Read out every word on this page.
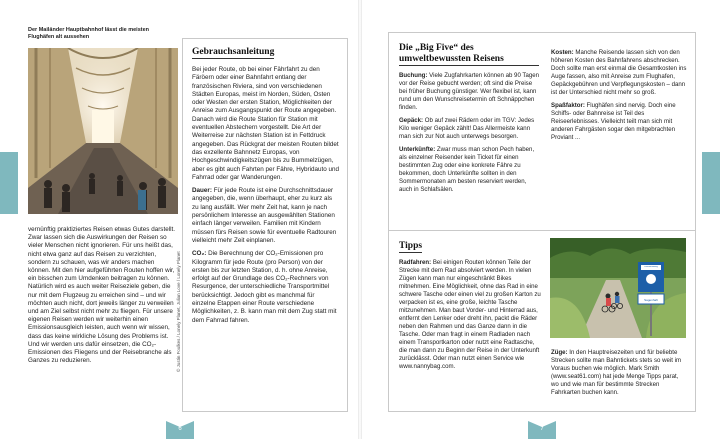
Der Mailänder Hauptbahnhof lässt die meisten Flughäfen alt aussehen
vernünftig praktiziertes Reisen etwas Gutes darstellt. Zwar lassen sich die Auswirkungen der Reisen so vieler Menschen nicht ignorieren. Für uns heißt das, nicht etwa ganz auf das Reisen zu verzichten, sondern zu schauen, was wir anders machen können. Mit den hier aufgeführten Routen hoffen wir, ein bisschen zum Umdenken beitragen zu können. Natürlich wird es auch weiter Reiseziele geben, die nur mit dem Flugzeug zu erreichen sind – und wir möchten auch nicht, dort jeweils länger zu verweilen und am Ziel selbst nicht mehr zu fliegen. Für unsere eigenen Reisen werden wir weiterhin einen Emissionsausgleich leisten, auch wenn wir wissen, dass das keine wirkliche Lösung des Problems ist. Und wir werden uns dafür einsetzen, die CO₂-Emissionen des Fliegens und der Reisebranche als Ganzes zu reduzieren.
Gebrauchsanleitung

Bei jeder Route, ob bei einer Fährfahrt zu den Färöern oder einer Bahnfahrt entlang der französischen Riviera, sind von verschiedenen Städten Europas, meist im Norden, Süden, Osten oder Westen der ersten Station, Möglichkeiten der Anreise zum Ausgangspunkt der Route angegeben. Danach wird die Route Station für Station mit eventuellen Abstechern vorgestellt. Die Art der Weiterreise zur nächsten Station ist in Fettdruck angegeben. Das Rückgrat der meisten Routen bildet das exzellente Bahnnetz Europas, von Hochgeschwindigkeitszügen bis zu Bummelzügen, aber es gibt auch Fahrten per Fähre, Hybridauto und Fahrrad oder gar Wanderungen.

Dauer: Für jede Route ist eine Durchschnittsdauer angegeben, die, wenn überhaupt, eher zu kurz als zu lang ausfällt. Wer mehr Zeit hat, kann je nach persönlichem Interesse an ausgewählten Stationen einfach länger verweilen. Familien mit Kindern müssen fürs Reisen sowie für eventuelle Radtouren vielleicht mehr Zeit einplanen.

CO₂: Die Berechnung der CO₂-Emissionen pro Kilogramm für jede Route (pro Person) von der ersten bis zur letzten Station, d. h. ohne Anreise, erfolgt auf der Grundlage des CO₂-Rechners von Resurgence, der unterschiedliche Transportmittel berücksichtigt. Jedoch gibt es manchmal für einzelne Etappen einer Route verschiedene Möglichkeiten, z. B. kann man mit dem Zug statt mit dem Fahrrad fahren.

© Justin Foulkes / Lonely Planet, Julian Love / Lonely Planet
6
Die „Big Five“ des umweltbewussten Reisens

Buchung: Viele Zugfahrkarten können ab 90 Tagen vor der Reise gebucht werden; oft sind die Preise bei früher Buchung günstiger. Wer flexibel ist, kann rund um den Wunschreisetermin oft Schnäppchen finden.

Gepäck: Ob auf zwei Rädern oder im TGV: Jedes Kilo weniger Gepäck zählt! Das Allermeiste kann man sich zur Not auch unterwegs besorgen.

Unterkünfte: Zwar muss man schon Pech haben, als einzelner Reisender kein Ticket für einen bestimmten Zug oder eine konkrete Fähre zu bekommen, doch Unterkünfte sollten in den Sommermonaten am besten reserviert werden, auch in Schlafsälen.

Kosten: Manche Reisende lassen sich von den höheren Kosten des Bahnfahrens abschrecken. Doch sollte man erst einmal die Gesamtkosten ins Auge fassen, also mit Anreise zum Flughafen, Gepäckgebühren und Verpflegungskosten – dann ist der Unterschied nicht mehr so groß.

Spaßfaktor: Flughäfen sind nervig. Doch eine Schiffs- oder Bahnreise ist Teil des Reiseerlebnisses. Vielleicht teilt man sich mit anderen Fahrgästen sogar den mitgebrachten Proviant ...

Tipps

Radfahren: Bei einigen Routen können Teile der Strecke mit dem Rad absolviert werden. In vielen Zügen kann man nur eingeschränkt Bikes mitnehmen. Eine Möglichkeit, ohne das Rad in eine schwere Tasche oder einen viel zu großen Karton zu verpacken ist es, eine große, leichte Tasche mitzunehmen. Man baut Vorder- und Hinterrad aus, entfernt den Lenker oder dreht ihn, packt die Räder neben den Rahmen und das Ganze dann in die Tasche. Oder man fragt in einem Radladen nach einem Transportkarton oder nutzt eine Radtasche, die man dann zu Beginn der Reise in der Unterkunft zurücklässt. Oder man nutzt einen Service wie www.nannybag.com.

Züge: In den Hauptreisezeiten und für beliebte Strecken sollte man Bahntickets stets so weit im Voraus buchen wie möglich. Mark Smith (www.seat61.com) hat jede Menge Tipps parat, wo und wie man für bestimmte Strecken Fahrkarten buchen kann.

Donauradweg
Sagenhaft
7
